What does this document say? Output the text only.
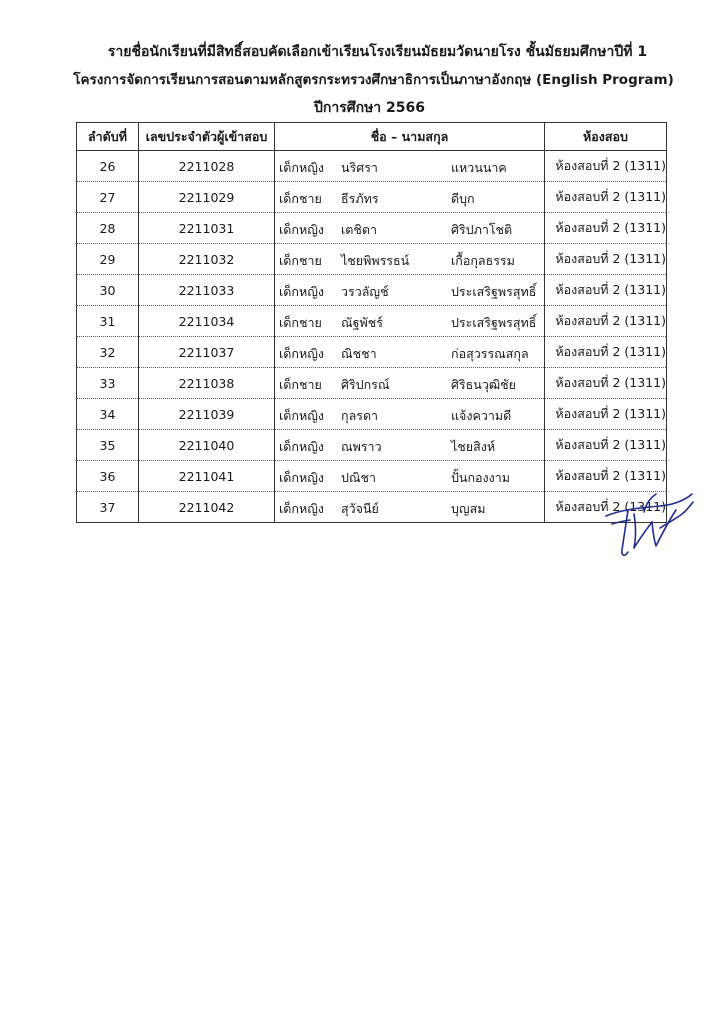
รายชื่อนักเรียนที่มีสิทธิ์สอบคัดเลือกเข้าเรียนโรงเรียนมัธยมวัดนายโรง ชั้นมัธยมศึกษาปีที่ 1
โครงการจัดการเรียนการสอนตามหลักสูตรกระทรวงศึกษาธิการเป็นภาษาอังกฤษ (English Program)
ปีการศึกษา 2566
ลำดับที่	เลขประจำตัวผู้เข้าสอบ	ชื่อ – นามสกุล	ห้องสอบ
26	2211028	เด็กหญิง นริศรา แหวนนาค	ห้องสอบที่ 2 (1311)
27	2211029	เด็กชาย ธีรภัทร ดีบุก	ห้องสอบที่ 2 (1311)
28	2211031	เด็กหญิง เตชิตา ศิริปภาโชติ	ห้องสอบที่ 2 (1311)
29	2211032	เด็กชาย ไชยพิพรรธน์ เกื้อกุลธรรม	ห้องสอบที่ 2 (1311)
30	2211033	เด็กหญิง วรวลัญช์ ประเสริฐพรสุทธิ์	ห้องสอบที่ 2 (1311)
31	2211034	เด็กชาย ณัฐพัชร์ ประเสริฐพรสุทธิ์	ห้องสอบที่ 2 (1311)
32	2211037	เด็กหญิง ณิชชา ก่อสุวรรณสกุล	ห้องสอบที่ 2 (1311)
33	2211038	เด็กชาย ศิริปกรณ์ ศิริธนวุฒิชัย	ห้องสอบที่ 2 (1311)
34	2211039	เด็กหญิง กุลรดา แจ้งความดี	ห้องสอบที่ 2 (1311)
35	2211040	เด็กหญิง ณพราว ไชยสิงห์	ห้องสอบที่ 2 (1311)
36	2211041	เด็กหญิง ปณิชา ปั้นกองงาม	ห้องสอบที่ 2 (1311)
37	2211042	เด็กหญิง สุวัจนีย์ บุญสม	ห้องสอบที่ 2 (1311)
